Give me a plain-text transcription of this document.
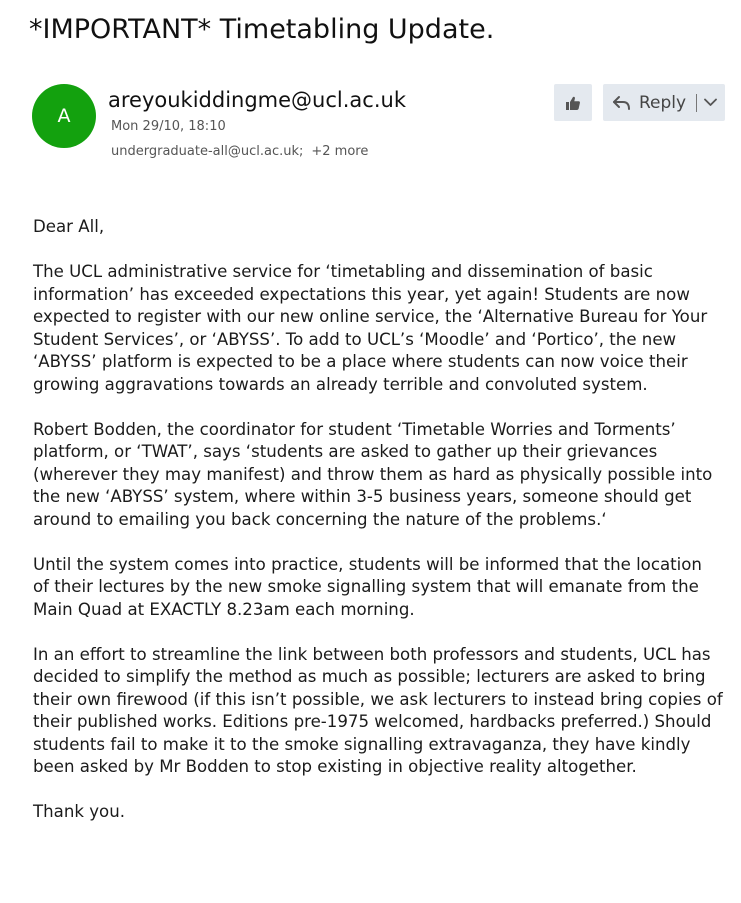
*IMPORTANT* Timetabling Update.
A
areyoukiddingme@ucl.ac.uk
Mon 29/10, 18:10
undergraduate-all@ucl.ac.uk; +2 more
Reply

Dear All,

The UCL administrative service for ‘timetabling and dissemination of basic information’ has exceeded expectations this year, yet again! Students are now expected to register with our new online service, the ‘Alternative Bureau for Your Student Services’, or ‘ABYSS’. To add to UCL’s ‘Moodle’ and ‘Portico’, the new ‘ABYSS’ platform is expected to be a place where students can now voice their growing aggravations towards an already terrible and convoluted system.

Robert Bodden, the coordinator for student ‘Timetable Worries and Torments’ platform, or ‘TWAT’, says ‘students are asked to gather up their grievances (wherever they may manifest) and throw them as hard as physically possible into the new ‘ABYSS’ system, where within 3-5 business years, someone should get around to emailing you back concerning the nature of the problems.‘

Until the system comes into practice, students will be informed that the location of their lectures by the new smoke signalling system that will emanate from the Main Quad at EXACTLY 8.23am each morning.

In an effort to streamline the link between both professors and students, UCL has decided to simplify the method as much as possible; lecturers are asked to bring their own firewood (if this isn’t possible, we ask lecturers to instead bring copies of their published works. Editions pre-1975 welcomed, hardbacks preferred.) Should students fail to make it to the smoke signalling extravaganza, they have kindly been asked by Mr Bodden to stop existing in objective reality altogether.

Thank you.
